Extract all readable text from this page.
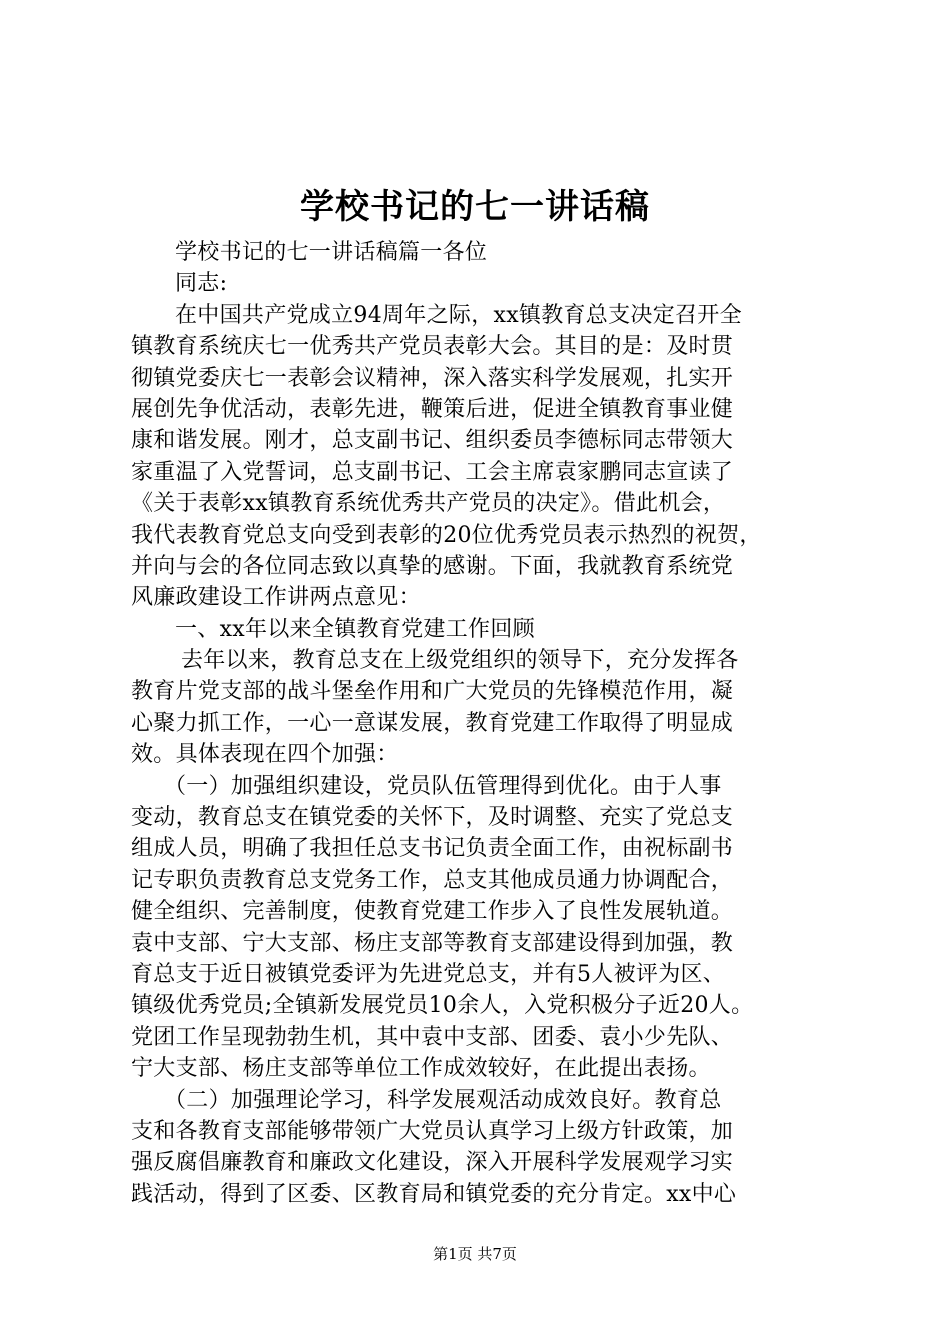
学校书记的七一讲话稿

学校书记的七一讲话稿篇一各位

同志:

在中国共产党成立94周年之际，xx镇教育总支决定召开全

镇教育系统庆七一优秀共产党员表彰大会。其目的是：及时贯

彻镇党委庆七一表彰会议精神，深入落实科学发展观，扎实开

展创先争优活动，表彰先进，鞭策后进，促进全镇教育事业健

康和谐发展。刚才，总支副书记、组织委员李德标同志带领大

家重温了入党誓词，总支副书记、工会主席袁家鹏同志宣读了

《关于表彰xx镇教育系统优秀共产党员的决定》。借此机会，

我代表教育党总支向受到表彰的20位优秀党员表示热烈的祝贺，

并向与会的各位同志致以真挚的感谢。下面，我就教育系统党

风廉政建设工作讲两点意见：

一、xx年以来全镇教育党建工作回顾

去年以来，教育总支在上级党组织的领导下，充分发挥各

教育片党支部的战斗堡垒作用和广大党员的先锋模范作用，凝

心聚力抓工作，一心一意谋发展，教育党建工作取得了明显成

效。具体表现在四个加强：

（一）加强组织建设，党员队伍管理得到优化。由于人事

变动，教育总支在镇党委的关怀下，及时调整、充实了党总支

组成人员，明确了我担任总支书记负责全面工作，由祝标副书

记专职负责教育总支党务工作，总支其他成员通力协调配合，

健全组织、完善制度，使教育党建工作步入了良性发展轨道。

袁中支部、宁大支部、杨庄支部等教育支部建设得到加强，教

育总支于近日被镇党委评为先进党总支，并有5人被评为区、

镇级优秀党员;全镇新发展党员10余人，入党积极分子近20人。

党团工作呈现勃勃生机，其中袁中支部、团委、袁小少先队、

宁大支部、杨庄支部等单位工作成效较好，在此提出表扬。

（二）加强理论学习，科学发展观活动成效良好。教育总

支和各教育支部能够带领广大党员认真学习上级方针政策，加

强反腐倡廉教育和廉政文化建设，深入开展科学发展观学习实

践活动，得到了区委、区教育局和镇党委的充分肯定。xx中心

第1页 共7页
